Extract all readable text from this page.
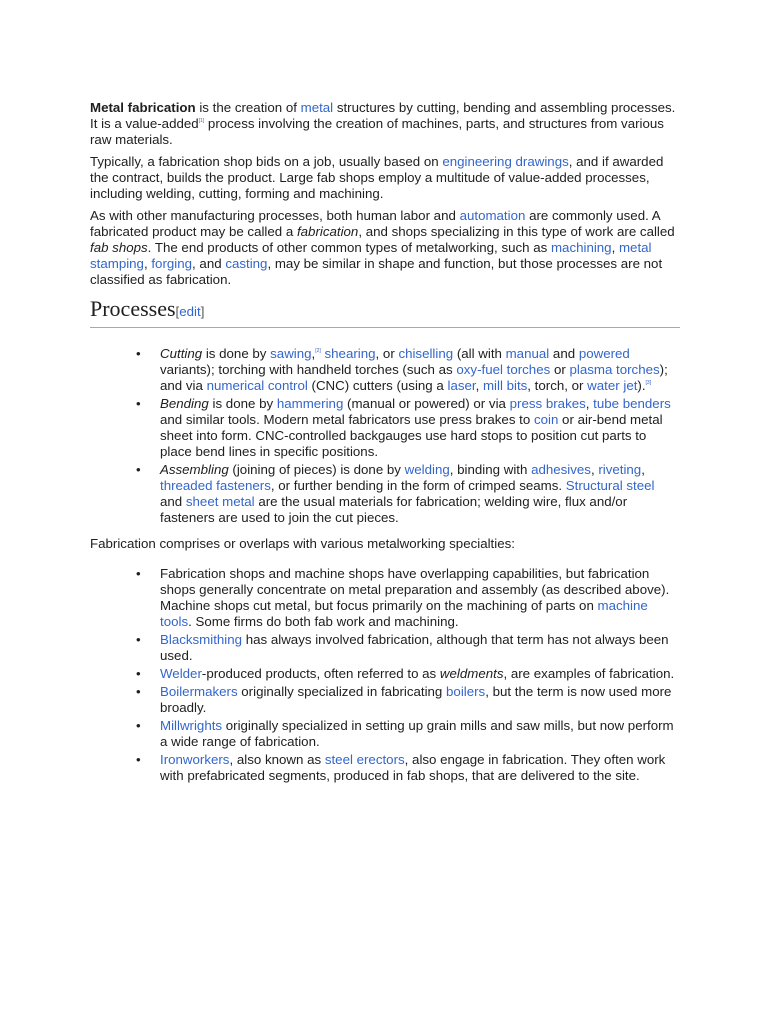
Metal fabrication is the creation of metal structures by cutting, bending and assembling processes. It is a value-added[1] process involving the creation of machines, parts, and structures from various raw materials.

Typically, a fabrication shop bids on a job, usually based on engineering drawings, and if awarded the contract, builds the product. Large fab shops employ a multitude of value-added processes, including welding, cutting, forming and machining.

As with other manufacturing processes, both human labor and automation are commonly used. A fabricated product may be called a fabrication, and shops specializing in this type of work are called fab shops. The end products of other common types of metalworking, such as machining, metal stamping, forging, and casting, may be similar in shape and function, but those processes are not classified as fabrication.

Processes[edit]
• Cutting is done by sawing,[2] shearing, or chiselling (all with manual and powered variants); torching with handheld torches (such as oxy-fuel torches or plasma torches); and via numerical control (CNC) cutters (using a laser, mill bits, torch, or water jet).[3]
• Bending is done by hammering (manual or powered) or via press brakes, tube benders and similar tools. Modern metal fabricators use press brakes to coin or air-bend metal sheet into form. CNC-controlled backgauges use hard stops to position cut parts to place bend lines in specific positions.
• Assembling (joining of pieces) is done by welding, binding with adhesives, riveting, threaded fasteners, or further bending in the form of crimped seams. Structural steel and sheet metal are the usual materials for fabrication; welding wire, flux and/or fasteners are used to join the cut pieces.

Fabrication comprises or overlaps with various metalworking specialties:

• Fabrication shops and machine shops have overlapping capabilities, but fabrication shops generally concentrate on metal preparation and assembly (as described above). Machine shops cut metal, but focus primarily on the machining of parts on machine tools. Some firms do both fab work and machining.
• Blacksmithing has always involved fabrication, although that term has not always been used.
• Welder-produced products, often referred to as weldments, are examples of fabrication.
• Boilermakers originally specialized in fabricating boilers, but the term is now used more broadly.
• Millwrights originally specialized in setting up grain mills and saw mills, but now perform a wide range of fabrication.
• Ironworkers, also known as steel erectors, also engage in fabrication. They often work with prefabricated segments, produced in fab shops, that are delivered to the site.
